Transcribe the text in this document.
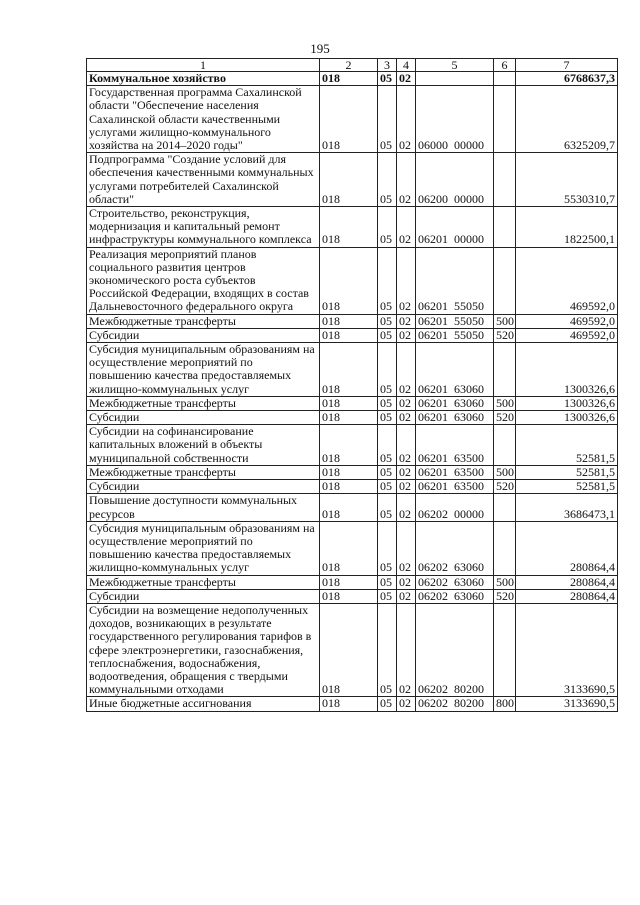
195
1	2	3	4	5	6	7
Коммунальное хозяйство	018	05	02			6768637,3
Государственная программа Сахалинской области "Обеспечение населения Сахалинской области качественными услугами жилищно-коммунального хозяйства на 2014–2020 годы"	018	05	02	06000  00000		6325209,7
Подпрограмма "Создание условий для обеспечения качественными коммунальных услугами потребителей Сахалинской области"	018	05	02	06200  00000		5530310,7
Строительство, реконструкция, модернизация и капитальный ремонт инфраструктуры коммунального комплекса	018	05	02	06201  00000		1822500,1
Реализация мероприятий планов социального развития центров экономического роста субъектов Российской Федерации, входящих в состав Дальневосточного федерального округа	018	05	02	06201  55050		469592,0
Межбюджетные трансферты	018	05	02	06201  55050	500	469592,0
Субсидии	018	05	02	06201  55050	520	469592,0
Субсидия муниципальным образованиям на осуществление мероприятий по повышению качества предоставляемых жилищно-коммунальных услуг	018	05	02	06201  63060		1300326,6
Межбюджетные трансферты	018	05	02	06201  63060	500	1300326,6
Субсидии	018	05	02	06201  63060	520	1300326,6
Субсидии на софинансирование капитальных вложений в объекты муниципальной собственности	018	05	02	06201  63500		52581,5
Межбюджетные трансферты	018	05	02	06201  63500	500	52581,5
Субсидии	018	05	02	06201  63500	520	52581,5
Повышение доступности коммунальных ресурсов	018	05	02	06202  00000		3686473,1
Субсидия муниципальным образованиям на осуществление мероприятий по повышению качества предоставляемых жилищно-коммунальных услуг	018	05	02	06202  63060		280864,4
Межбюджетные трансферты	018	05	02	06202  63060	500	280864,4
Субсидии	018	05	02	06202  63060	520	280864,4
Субсидии на возмещение недополученных доходов, возникающих в результате государственного регулирования тарифов в сфере электроэнергетики, газоснабжения, теплоснабжения, водоснабжения, водоотведения, обращения с твердыми коммунальными отходами	018	05	02	06202  80200		3133690,5
Иные бюджетные ассигнования	018	05	02	06202  80200	800	3133690,5
